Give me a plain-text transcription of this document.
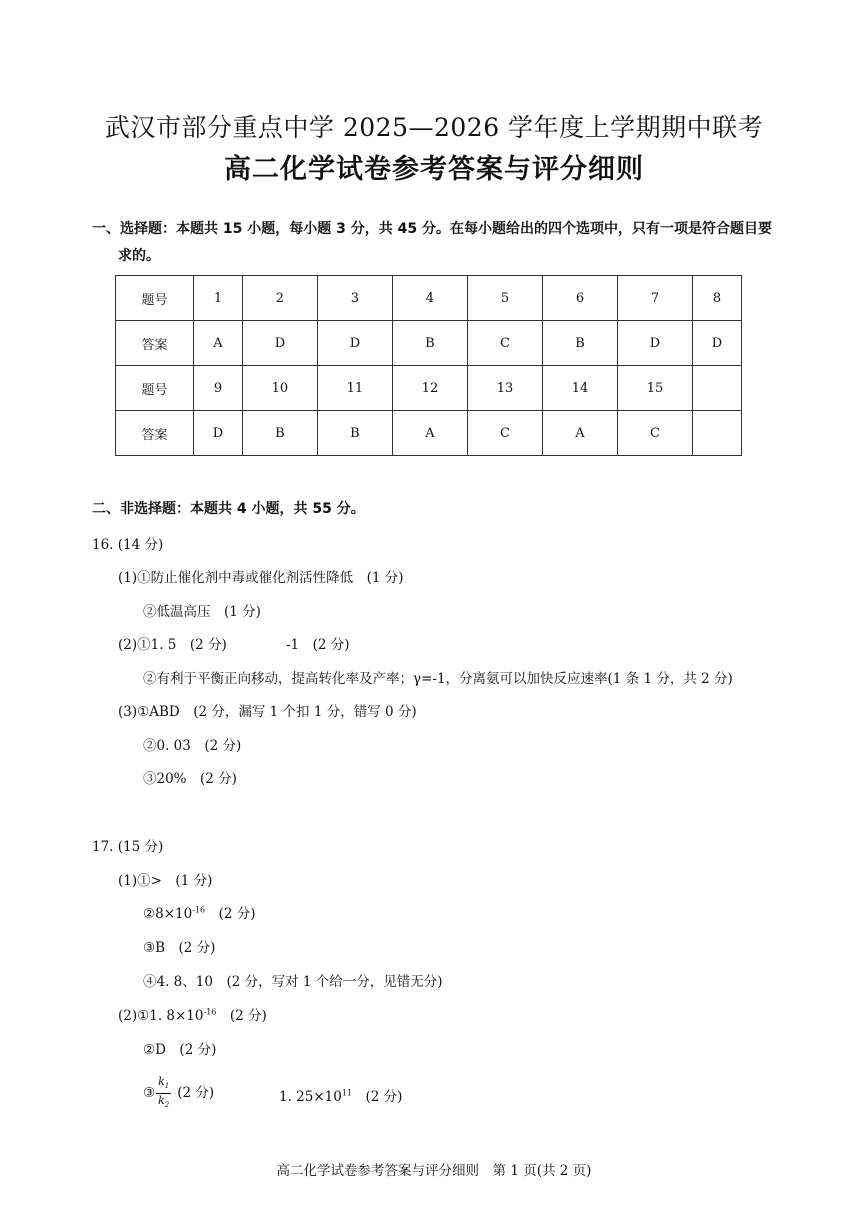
武汉市部分重点中学 2025—2026 学年度上学期期中联考
高二化学试卷参考答案与评分细则
一、选择题：本题共 15 小题，每小题 3 分，共 45 分。在每小题给出的四个选项中，只有一项是符合题目要
求的。
题号	1	2	3	4	5	6	7	8
答案	A	D	D	B	C	B	D	D
题号	9	10	11	12	13	14	15	
答案	D	B	B	A	C	A	C	
二、非选择题：本题共 4 小题，共 55 分。
16. (14 分)
(1)①防止催化剂中毒或催化剂活性降低　(1 分)
②低温高压　(1 分)
(2)①1. 5　(2 分)	-1　(2 分)
②有利于平衡正向移动，提高转化率及产率；γ=-1，分离氨可以加快反应速率(1 条 1 分，共 2 分)
(3)①ABD　(2 分，漏写 1 个扣 1 分，错写 0 分)
②0. 03　(2 分)
③20%　(2 分)
17. (15 分)
(1)①>　(1 分)
$②8\times 10^{-16}$　(2 分)
③B　(2 分)
④4. 8、10　(2 分，写对 1 个给一分，见错无分)
(2)①1. $8\times 10^{-16}$　(2 分)
②D　(2 分)
③ $\frac{k_1}{k_2} (2$ 分)	1. $25\times 10^{11}$　 (2 分)
高二化学试卷参考答案与评分细则　第 1 页(共 2 页)
